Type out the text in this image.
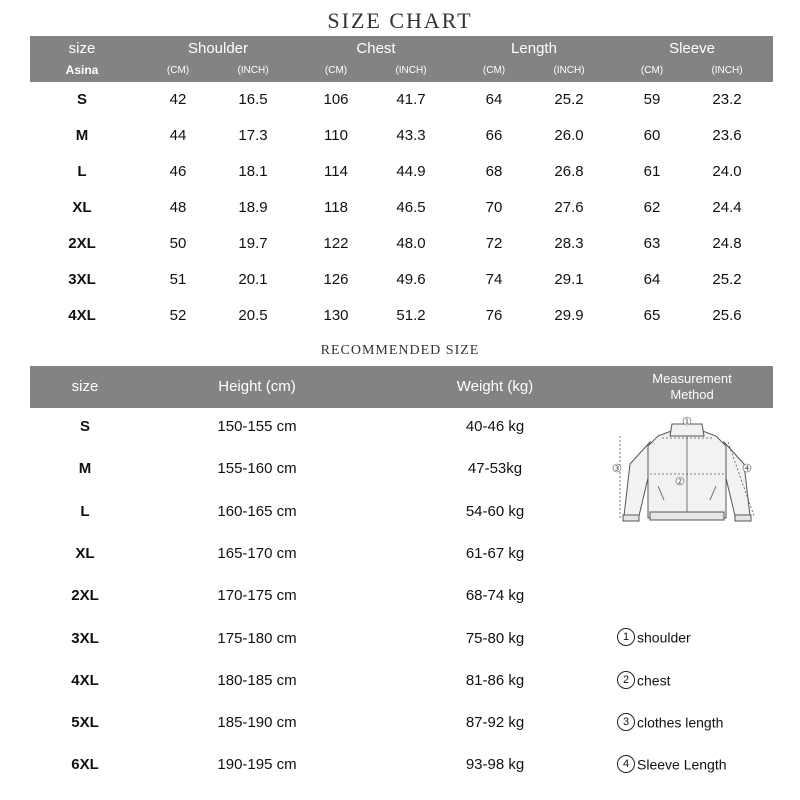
SIZE CHART
size
Asina
Shoulder	Chest	Length	Sleeve
(CM)	(INCH)	(CM)	(INCH)	(CM)	(INCH)	(CM)	(INCH)
S	42	16.5	106	41.7	64	25.2	59	23.2
M	44	17.3	110	43.3	66	26.0	60	23.6
L	46	18.1	114	44.9	68	26.8	61	24.0
XL	48	18.9	118	46.5	70	27.6	62	24.4
2XL	50	19.7	122	48.0	72	28.3	63	24.8
3XL	51	20.1	126	49.6	74	29.1	64	25.2
4XL	52	20.5	130	51.2	76	29.9	65	25.6
RECOMMENDED SIZE
size	Height (cm)	Weight (kg)	Measurement
Method
S	150-155 cm	40-46 kg
M	155-160 cm	47-53kg
L	160-165 cm	54-60 kg
XL	165-170 cm	61-67 kg
2XL	170-175 cm	68-74 kg
3XL	175-180 cm	75-80 kg
4XL	180-185 cm	81-86 kg
5XL	185-190 cm	87-92 kg
6XL	190-195 cm	93-98 kg
1
2
3	4
1 shoulder
2 chest
3 clothes length
4 Sleeve Length
